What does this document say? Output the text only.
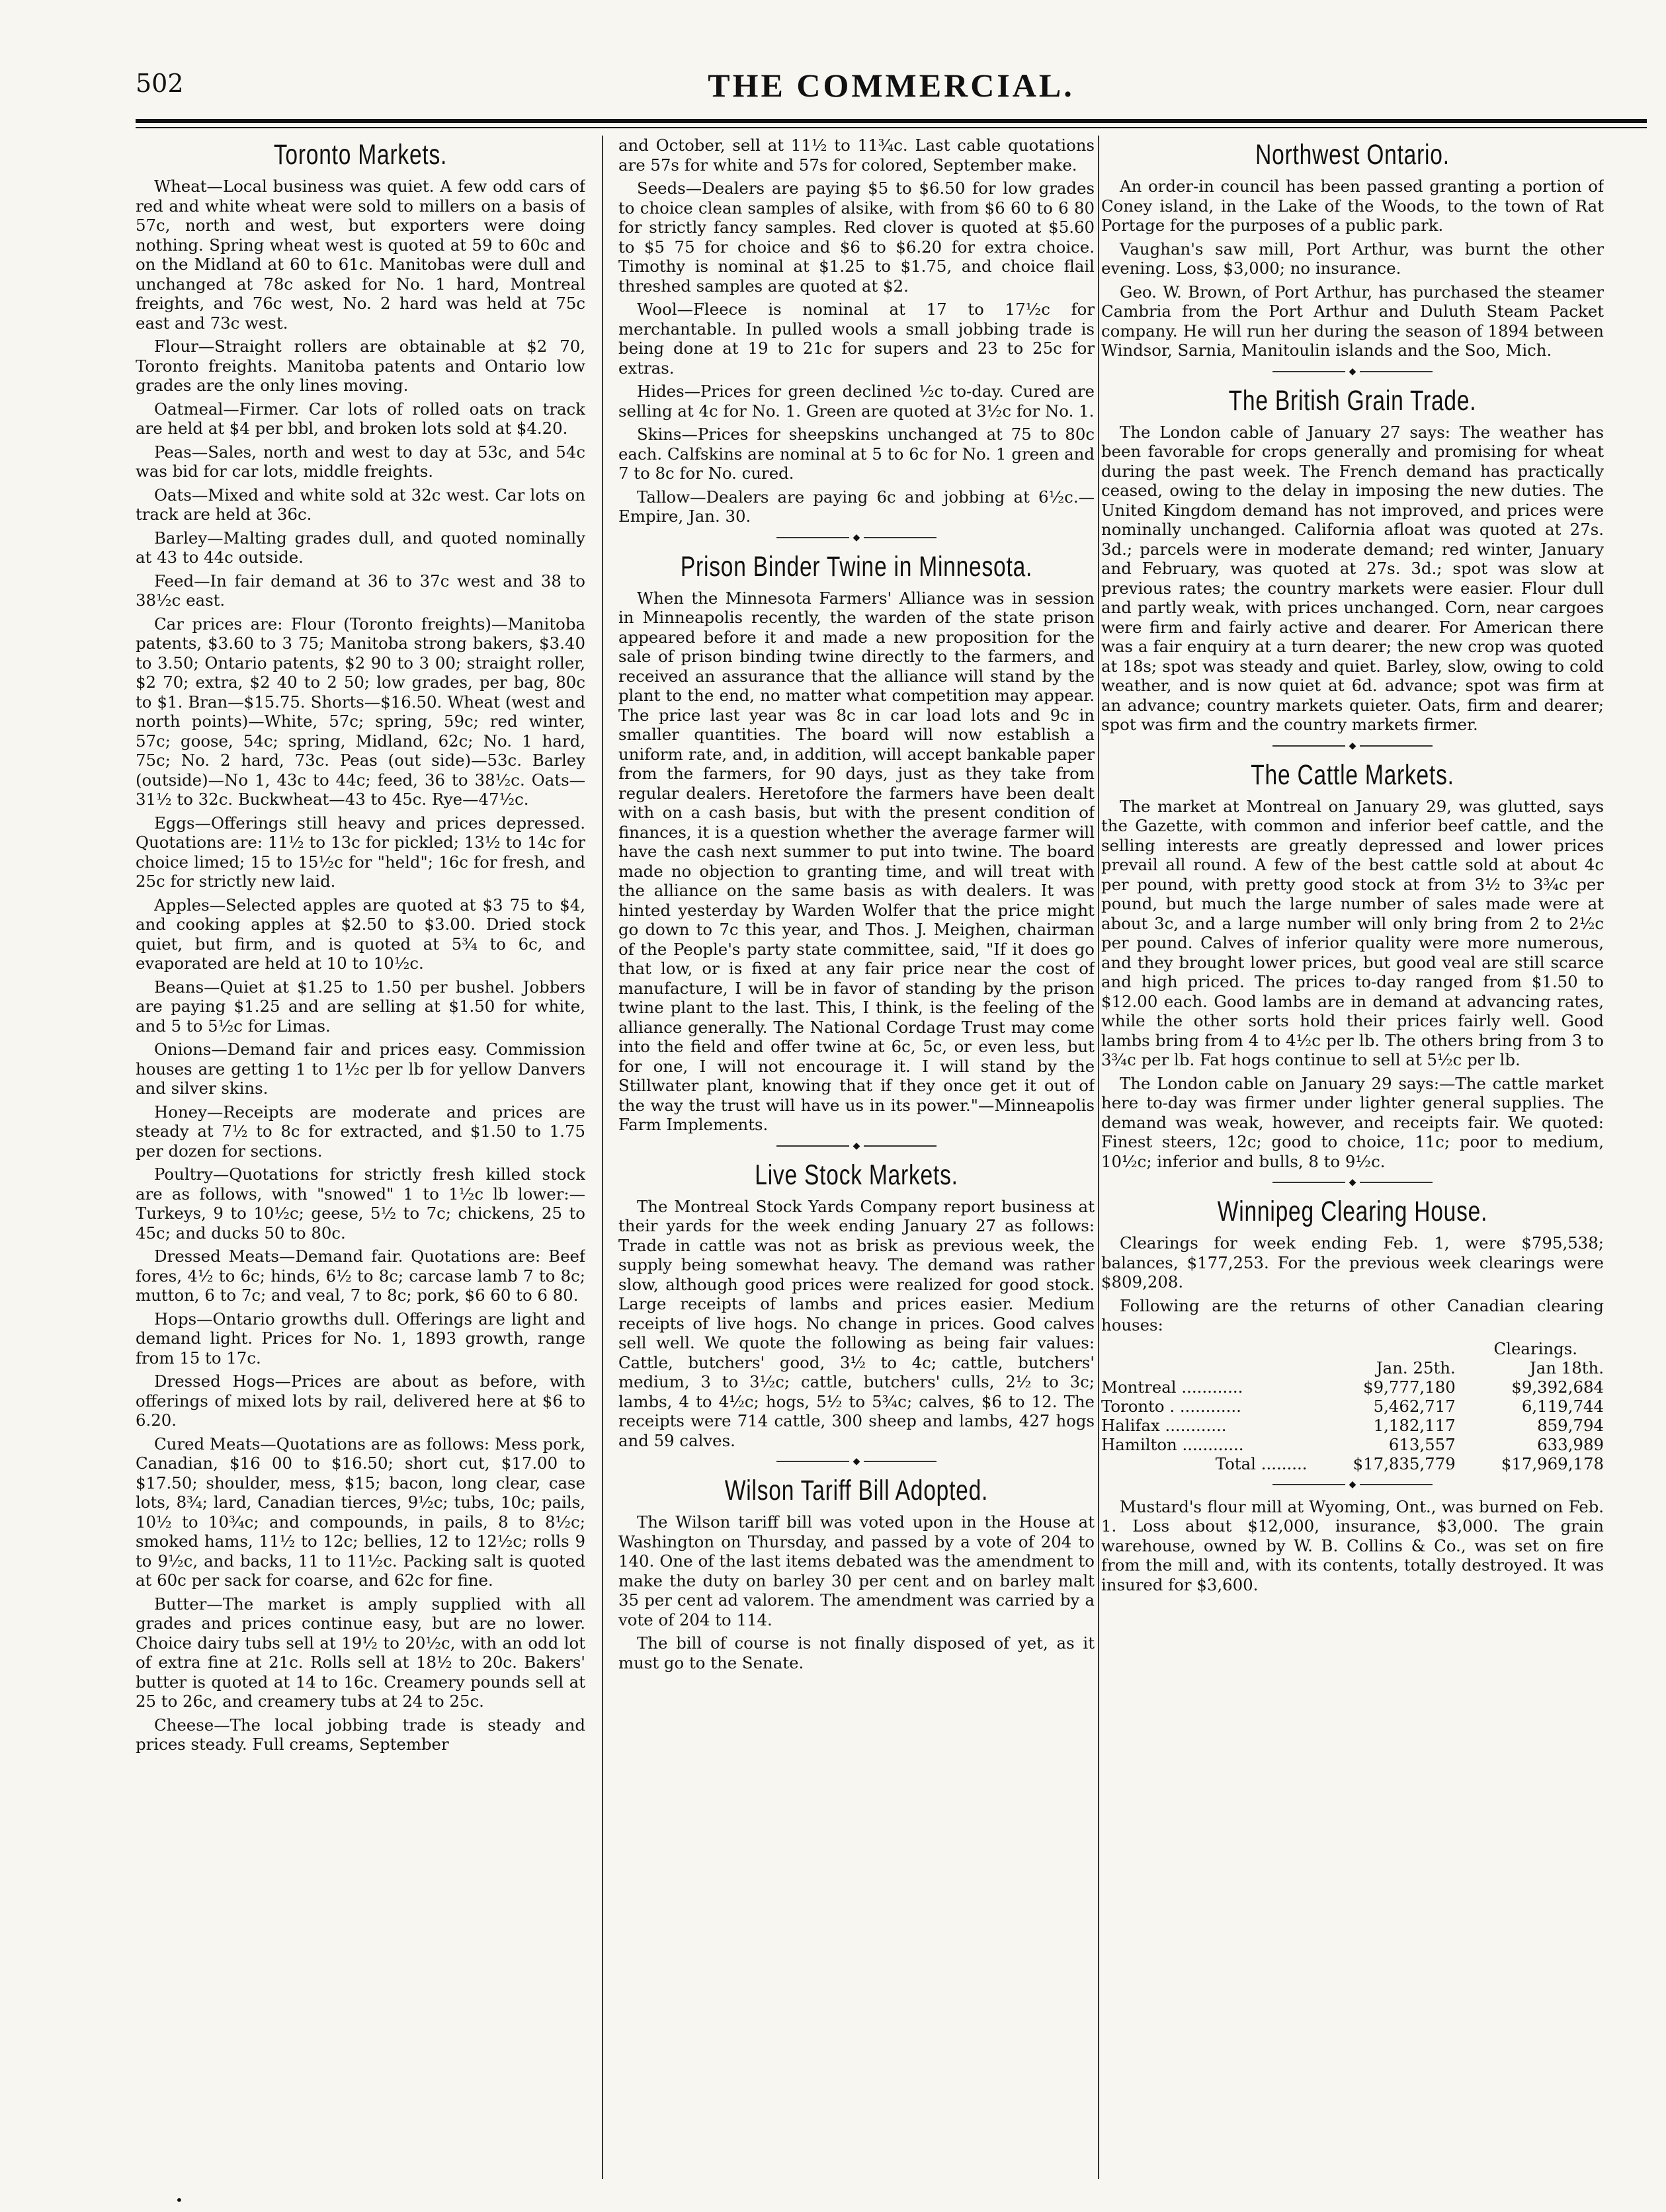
502	THE COMMERCIAL.
Toronto Markets.

Wheat—Local business was quiet. A few odd cars of red and white wheat were sold to millers on a basis of 57c, north and west, but exporters were doing nothing. Spring wheat west is quoted at 59 to 60c and on the Midland at 60 to 61c. Manitobas were dull and unchanged at 78c asked for No. 1 hard, Montreal freights, and 76c west, No. 2 hard was held at 75c east and 73c west.

Flour—Straight rollers are obtainable at $2 70, Toronto freights. Manitoba patents and Ontario low grades are the only lines moving.

Oatmeal—Firmer. Car lots of rolled oats on track are held at $4 per bbl, and broken lots sold at $4.20.

Peas—Sales, north and west to day at 53c, and 54c was bid for car lots, middle freights.

Oats—Mixed and white sold at 32c west. Car lots on track are held at 36c.

Barley—Malting grades dull, and quoted nominally at 43 to 44c outside.

Feed—In fair demand at 36 to 37c west and 38 to 38½c east.

Car prices are: Flour (Toronto freights)—Manitoba patents, $3.60 to 3 75; Manitoba strong bakers, $3.40 to 3.50; Ontario patents, $2 90 to 3 00; straight roller, $2 70; extra, $2 40 to 2 50; low grades, per bag, 80c to $1. Bran—$15.75. Shorts—$16.50. Wheat (west and north points)—White, 57c; spring, 59c; red winter, 57c; goose, 54c; spring, Midland, 62c; No. 1 hard, 75c; No. 2 hard, 73c. Peas (out side)—53c. Barley (outside)—No 1, 43c to 44c; feed, 36 to 38½c. Oats—31½ to 32c. Buckwheat—43 to 45c. Rye—47½c.

Eggs—Offerings still heavy and prices depressed. Quotations are: 11½ to 13c for pickled; 13½ to 14c for choice limed; 15 to 15½c for "held"; 16c for fresh, and 25c for strictly new laid.

Apples—Selected apples are quoted at $3 75 to $4, and cooking apples at $2.50 to $3.00. Dried stock quiet, but firm, and is quoted at 5¾ to 6c, and evaporated are held at 10 to 10½c.

Beans—Quiet at $1.25 to 1.50 per bushel. Jobbers are paying $1.25 and are selling at $1.50 for white, and 5 to 5½c for Limas.

Onions—Demand fair and prices easy. Commission houses are getting 1 to 1½c per lb for yellow Danvers and silver skins.

Honey—Receipts are moderate and prices are steady at 7½ to 8c for extracted, and $1.50 to 1.75 per dozen for sections.

Poultry—Quotations for strictly fresh killed stock are as follows, with "snowed" 1 to 1½c lb lower:—Turkeys, 9 to 10½c; geese, 5½ to 7c; chickens, 25 to 45c; and ducks 50 to 80c.

Dressed Meats—Demand fair. Quotations are: Beef fores, 4½ to 6c; hinds, 6½ to 8c; carcase lamb 7 to 8c; mutton, 6 to 7c; and veal, 7 to 8c; pork, $6 60 to 6 80.

Hops—Ontario growths dull. Offerings are light and demand light. Prices for No. 1, 1893 growth, range from 15 to 17c.

Dressed Hogs—Prices are about as before, with offerings of mixed lots by rail, delivered here at $6 to 6.20.

Cured Meats—Quotations are as follows: Mess pork, Canadian, $16 00 to $16.50; short cut, $17.00 to $17.50; shoulder, mess, $15; bacon, long clear, case lots, 8¾; lard, Canadian tierces, 9½c; tubs, 10c; pails, 10½ to 10¾c; and compounds, in pails, 8 to 8½c; smoked hams, 11½ to 12c; bellies, 12 to 12½c; rolls 9 to 9½c, and backs, 11 to 11½c. Packing salt is quoted at 60c per sack for coarse, and 62c for fine.

Butter—The market is amply supplied with all grades and prices continue easy, but are no lower. Choice dairy tubs sell at 19½ to 20½c, with an odd lot of extra fine at 21c. Rolls sell at 18½ to 20c. Bakers' butter is quoted at 14 to 16c. Creamery pounds sell at 25 to 26c, and creamery tubs at 24 to 25c.

Cheese—The local jobbing trade is steady and prices steady. Full creams, September

and October, sell at 11½ to 11¾c. Last cable quotations are 57s for white and 57s for colored, September make.

Seeds—Dealers are paying $5 to $6.50 for low grades to choice clean samples of alsike, with from $6 60 to 6 80 for strictly fancy samples. Red clover is quoted at $5.60 to $5 75 for choice and $6 to $6.20 for extra choice. Timothy is nominal at $1.25 to $1.75, and choice flail threshed samples are quoted at $2.

Wool—Fleece is nominal at 17 to 17½c for merchantable. In pulled wools a small jobbing trade is being done at 19 to 21c for supers and 23 to 25c for extras.

Hides—Prices for green declined ½c to-day. Cured are selling at 4c for No. 1. Green are quoted at 3½c for No. 1.

Skins—Prices for sheepskins unchanged at 75 to 80c each. Calfskins are nominal at 5 to 6c for No. 1 green and 7 to 8c for No. cured.

Tallow—Dealers are paying 6c and jobbing at 6½c.—Empire, Jan. 30.

◆
Prison Binder Twine in Minnesota.

When the Minnesota Farmers' Alliance was in session in Minneapolis recently, the warden of the state prison appeared before it and made a new proposition for the sale of prison binding twine directly to the farmers, and received an assurance that the alliance will stand by the plant to the end, no matter what competition may appear. The price last year was 8c in car load lots and 9c in smaller quantities. The board will now establish a uniform rate, and, in addition, will accept bankable paper from the farmers, for 90 days, just as they take from regular dealers. Heretofore the farmers have been dealt with on a cash basis, but with the present condition of finances, it is a question whether the average farmer will have the cash next summer to put into twine. The board made no objection to granting time, and will treat with the alliance on the same basis as with dealers. It was hinted yesterday by Warden Wolfer that the price might go down to 7c this year, and Thos. J. Meighen, chairman of the People's party state committee, said, "If it does go that low, or is fixed at any fair price near the cost of manufacture, I will be in favor of standing by the prison twine plant to the last. This, I think, is the feeling of the alliance generally. The National Cordage Trust may come into the field and offer twine at 6c, 5c, or even less, but for one, I will not encourage it. I will stand by the Stillwater plant, knowing that if they once get it out of the way the trust will have us in its power."—Minneapolis Farm Implements.

◆
Live Stock Markets.

The Montreal Stock Yards Company report business at their yards for the week ending January 27 as follows: Trade in cattle was not as brisk as previous week, the supply being somewhat heavy. The demand was rather slow, although good prices were realized for good stock. Large receipts of lambs and prices easier. Medium receipts of live hogs. No change in prices. Good calves sell well. We quote the following as being fair values: Cattle, butchers' good, 3½ to 4c; cattle, butchers' medium, 3 to 3½c; cattle, butchers' culls, 2½ to 3c; lambs, 4 to 4½c; hogs, 5½ to 5¾c; calves, $6 to 12. The receipts were 714 cattle, 300 sheep and lambs, 427 hogs and 59 calves.

◆
Wilson Tariff Bill Adopted.

The Wilson tariff bill was voted upon in the House at Washington on Thursday, and passed by a vote of 204 to 140. One of the last items debated was the amendment to make the duty on barley 30 per cent and on barley malt 35 per cent ad valorem. The amendment was carried by a vote of 204 to 114.

The bill of course is not finally disposed of yet, as it must go to the Senate.

Northwest Ontario.

An order-in council has been passed granting a portion of Coney island, in the Lake of the Woods, to the town of Rat Portage for the purposes of a public park.

Vaughan's saw mill, Port Arthur, was burnt the other evening. Loss, $3,000; no insurance.

Geo. W. Brown, of Port Arthur, has purchased the steamer Cambria from the Port Arthur and Duluth Steam Packet company. He will run her during the season of 1894 between Windsor, Sarnia, Manitoulin islands and the Soo, Mich.

◆
The British Grain Trade.

The London cable of January 27 says: The weather has been favorable for crops generally and promising for wheat during the past week. The French demand has practically ceased, owing to the delay in imposing the new duties. The United Kingdom demand has not improved, and prices were nominally unchanged. California afloat was quoted at 27s. 3d.; parcels were in moderate demand; red winter, January and February, was quoted at 27s. 3d.; spot was slow at previous rates; the country markets were easier. Flour dull and partly weak, with prices unchanged. Corn, near cargoes were firm and fairly active and dearer. For American there was a fair enquiry at a turn dearer; the new crop was quoted at 18s; spot was steady and quiet. Barley, slow, owing to cold weather, and is now quiet at 6d. advance; spot was firm at an advance; country markets quieter. Oats, firm and dearer; spot was firm and the country markets firmer.

◆
The Cattle Markets.

The market at Montreal on January 29, was glutted, says the Gazette, with common and inferior beef cattle, and the selling interests are greatly depressed and lower prices prevail all round. A few of the best cattle sold at about 4c per pound, with pretty good stock at from 3½ to 3¾c per pound, but much the large number of sales made were at about 3c, and a large number will only bring from 2 to 2½c per pound. Calves of inferior quality were more numerous, and they brought lower prices, but good veal are still scarce and high priced. The prices to-day ranged from $1.50 to $12.00 each. Good lambs are in demand at advancing rates, while the other sorts hold their prices fairly well. Good lambs bring from 4 to 4½c per lb. The others bring from 3 to 3¾c per lb. Fat hogs continue to sell at 5½c per lb.

The London cable on January 29 says:—The cattle market here to-day was firmer under lighter general supplies. The demand was weak, however, and receipts fair. We quoted: Finest steers, 12c; good to choice, 11c; poor to medium, 10½c; inferior and bulls, 8 to 9½c.

◆
Winnipeg Clearing House.

Clearings for week ending Feb. 1, were $795,538; balances, $177,253. For the previous week clearings were $809,208.

Following are the returns of other Canadian clearing houses:

	Clearings.	
	Jan. 25th.	Jan 18th.
Montreal ............	$9,777,180	$9,392,684
Toronto . ............	5,462,717	6,119,744
Halifax ............	1,182,117	859,794
Hamilton ............	613,557	633,989
Total .........	$17,835,779	$17,969,178
◆

Mustard's flour mill at Wyoming, Ont., was burned on Feb. 1. Loss about $12,000, insurance, $3,000. The grain warehouse, owned by W. B. Collins & Co., was set on fire from the mill and, with its contents, totally destroyed. It was insured for $3,600.

•
